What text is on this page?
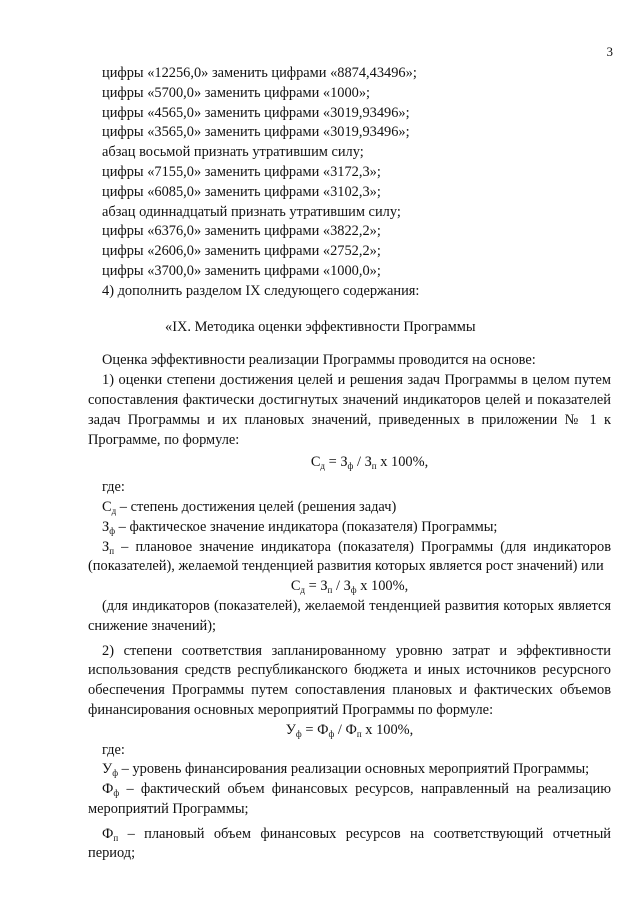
3
цифры «12256,0» заменить цифрами «8874,43496»;
цифры «5700,0» заменить цифрами «1000»;
цифры «4565,0» заменить цифрами «3019,93496»;
цифры «3565,0» заменить цифрами «3019,93496»;
абзац восьмой признать утратившим силу;
цифры «7155,0» заменить цифрами «3172,3»;
цифры «6085,0» заменить цифрами «3102,3»;
абзац одиннадцатый признать утратившим силу;
цифры «6376,0» заменить цифрами «3822,2»;
цифры «2606,0» заменить цифрами «2752,2»;
цифры «3700,0» заменить цифрами «1000,0»;
4) дополнить разделом IX следующего содержания:
«IX. Методика оценки эффективности Программы
Оценка эффективности реализации Программы проводится на основе:
1) оценки степени достижения целей и решения задач Программы в целом путем сопоставления фактически достигнутых значений индикаторов целей и показателей задач Программы и их плановых значений, приведенных в приложении № 1 к Программе, по формуле:
$С_д = З_ф / З_п$ х 100%,
где:
$С_д$ – степень достижения целей (решения задач)
$З_ф$ – фактическое значение индикатора (показателя) Программы;
$З_п$ – плановое значение индикатора (показателя) Программы (для индикаторов (показателей), желаемой тенденцией развития которых является рост значений) или
$С_д = З_п / З_ф$ х 100%,
(для индикаторов (показателей), желаемой тенденцией развития которых является снижение значений);
2) степени соответствия запланированному уровню затрат и эффективности использования средств республиканского бюджета и иных источников ресурсного обеспечения Программы путем сопоставления плановых и фактических объемов финансирования основных мероприятий Программы по формуле:
$У_ф = Ф_ф / Ф_п$ х 100%,
где:
$У_ф$ – уровень финансирования реализации основных мероприятий Программы;
$Ф_ф$ – фактический объем финансовых ресурсов, направленный на реализацию мероприятий Программы;
$Ф_п$ – плановый объем финансовых ресурсов на соответствующий отчетный период;
